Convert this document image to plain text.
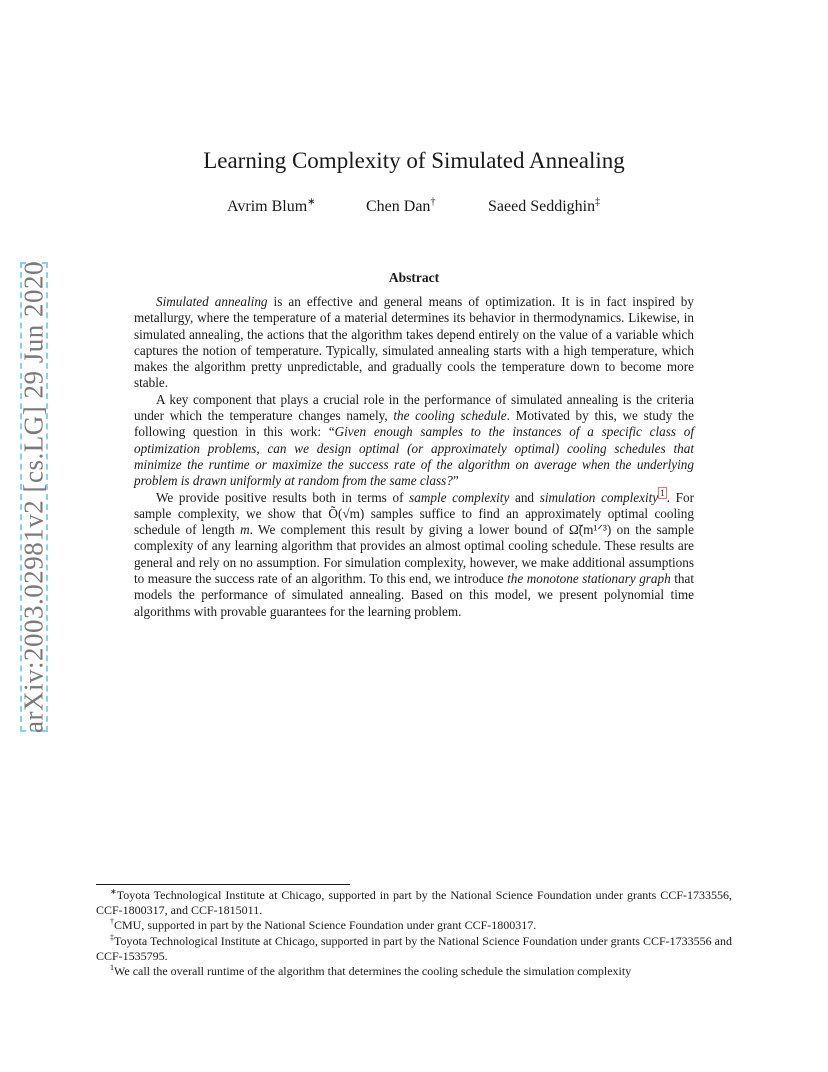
arXiv:2003.02981v2 [cs.LG] 29 Jun 2020
Learning Complexity of Simulated Annealing
Avrim Blum∗	Chen Dan†	Saeed Seddighin‡
Abstract

Simulated annealing is an effective and general means of optimization. It is in fact inspired by metallurgy, where the temperature of a material determines its behavior in thermodynamics. Likewise, in simulated annealing, the actions that the algorithm takes depend entirely on the value of a variable which captures the notion of temperature. Typically, simulated annealing starts with a high temperature, which makes the algorithm pretty unpredictable, and gradually cools the temperature down to become more stable.

A key component that plays a crucial role in the performance of simulated annealing is the criteria under which the temperature changes namely, the cooling schedule. Motivated by this, we study the following question in this work: “Given enough samples to the instances of a specific class of optimization problems, can we design optimal (or approximately optimal) cooling schedules that minimize the runtime or maximize the success rate of the algorithm on average when the underlying problem is drawn uniformly at random from the same class?”

We provide positive results both in terms of sample complexity and simulation complexity $^1$ . For sample complexity, we show that Õ(√m) samples suffice to find an approximately optimal cooling schedule of length m. We complement this result by giving a lower bound of Ω̃(m¹ᐟ³) on the sample complexity of any learning algorithm that provides an almost optimal cooling schedule. These results are general and rely on no assumption. For simulation complexity, however, we make additional assumptions to measure the success rate of an algorithm. To this end, we introduce the monotone stationary graph that models the performance of simulated annealing. Based on this model, we present polynomial time algorithms with provable guarantees for the learning problem.

∗Toyota Technological Institute at Chicago, supported in part by the National Science Foundation under grants CCF-1733556, CCF-1800317, and CCF-1815011.

†CMU, supported in part by the National Science Foundation under grant CCF-1800317.

‡Toyota Technological Institute at Chicago, supported in part by the National Science Foundation under grants CCF-1733556 and CCF-1535795.

$^1$We call the overall runtime of the algorithm that determines the cooling schedule the simulation complexity
